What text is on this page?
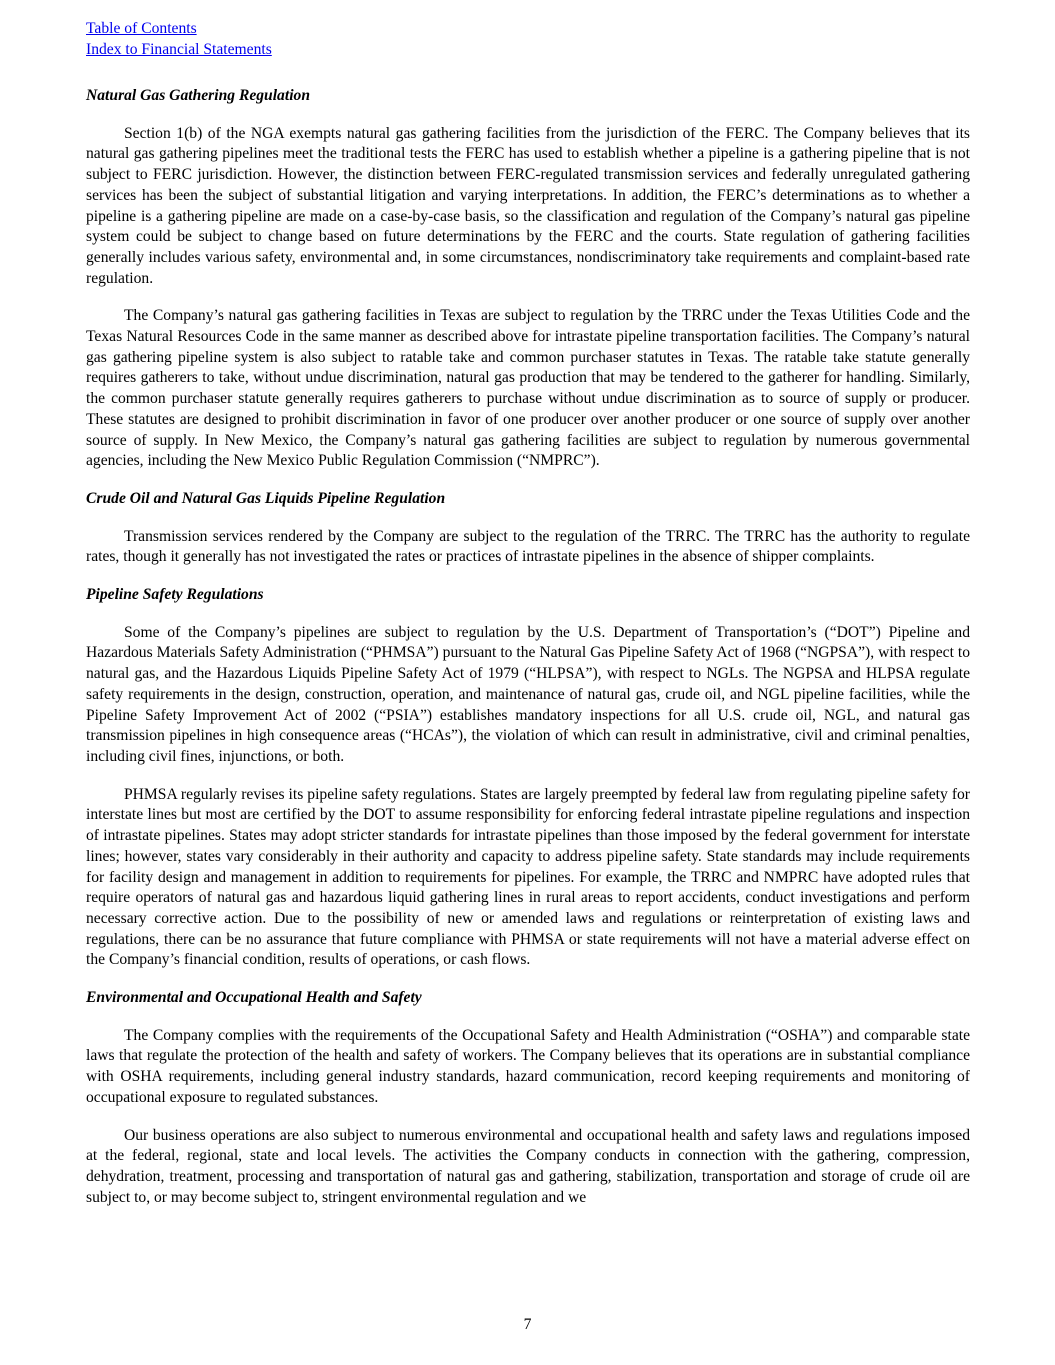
Table of Contents
Index to Financial Statements

Natural Gas Gathering Regulation

Section 1(b) of the NGA exempts natural gas gathering facilities from the jurisdiction of the FERC. The Company believes that its natural gas gathering pipelines meet the traditional tests the FERC has used to establish whether a pipeline is a gathering pipeline that is not subject to FERC jurisdiction. However, the distinction between FERC-regulated transmission services and federally unregulated gathering services has been the subject of substantial litigation and varying interpretations. In addition, the FERC’s determinations as to whether a pipeline is a gathering pipeline are made on a case-by-case basis, so the classification and regulation of the Company’s natural gas pipeline system could be subject to change based on future determinations by the FERC and the courts. State regulation of gathering facilities generally includes various safety, environmental and, in some circumstances, nondiscriminatory take requirements and complaint-based rate regulation.

The Company’s natural gas gathering facilities in Texas are subject to regulation by the TRRC under the Texas Utilities Code and the Texas Natural Resources Code in the same manner as described above for intrastate pipeline transportation facilities. The Company’s natural gas gathering pipeline system is also subject to ratable take and common purchaser statutes in Texas. The ratable take statute generally requires gatherers to take, without undue discrimination, natural gas production that may be tendered to the gatherer for handling. Similarly, the common purchaser statute generally requires gatherers to purchase without undue discrimination as to source of supply or producer. These statutes are designed to prohibit discrimination in favor of one producer over another producer or one source of supply over another source of supply. In New Mexico, the Company’s natural gas gathering facilities are subject to regulation by numerous governmental agencies, including the New Mexico Public Regulation Commission (“NMPRC”).

Crude Oil and Natural Gas Liquids Pipeline Regulation

Transmission services rendered by the Company are subject to the regulation of the TRRC. The TRRC has the authority to regulate rates, though it generally has not investigated the rates or practices of intrastate pipelines in the absence of shipper complaints.

Pipeline Safety Regulations

Some of the Company’s pipelines are subject to regulation by the U.S. Department of Transportation’s (“DOT”) Pipeline and Hazardous Materials Safety Administration (“PHMSA”) pursuant to the Natural Gas Pipeline Safety Act of 1968 (“NGPSA”), with respect to natural gas, and the Hazardous Liquids Pipeline Safety Act of 1979 (“HLPSA”), with respect to NGLs. The NGPSA and HLPSA regulate safety requirements in the design, construction, operation, and maintenance of natural gas, crude oil, and NGL pipeline facilities, while the Pipeline Safety Improvement Act of 2002 (“PSIA”) establishes mandatory inspections for all U.S. crude oil, NGL, and natural gas transmission pipelines in high consequence areas (“HCAs”), the violation of which can result in administrative, civil and criminal penalties, including civil fines, injunctions, or both.

PHMSA regularly revises its pipeline safety regulations. States are largely preempted by federal law from regulating pipeline safety for interstate lines but most are certified by the DOT to assume responsibility for enforcing federal intrastate pipeline regulations and inspection of intrastate pipelines. States may adopt stricter standards for intrastate pipelines than those imposed by the federal government for interstate lines; however, states vary considerably in their authority and capacity to address pipeline safety. State standards may include requirements for facility design and management in addition to requirements for pipelines. For example, the TRRC and NMPRC have adopted rules that require operators of natural gas and hazardous liquid gathering lines in rural areas to report accidents, conduct investigations and perform necessary corrective action. Due to the possibility of new or amended laws and regulations or reinterpretation of existing laws and regulations, there can be no assurance that future compliance with PHMSA or state requirements will not have a material adverse effect on the Company’s financial condition, results of operations, or cash flows.

Environmental and Occupational Health and Safety

The Company complies with the requirements of the Occupational Safety and Health Administration (“OSHA”) and comparable state laws that regulate the protection of the health and safety of workers. The Company believes that its operations are in substantial compliance with OSHA requirements, including general industry standards, hazard communication, record keeping requirements and monitoring of occupational exposure to regulated substances.

Our business operations are also subject to numerous environmental and occupational health and safety laws and regulations imposed at the federal, regional, state and local levels. The activities the Company conducts in connection with the gathering, compression, dehydration, treatment, processing and transportation of natural gas and gathering, stabilization, transportation and storage of crude oil are subject to, or may become subject to, stringent environmental regulation and we

7
